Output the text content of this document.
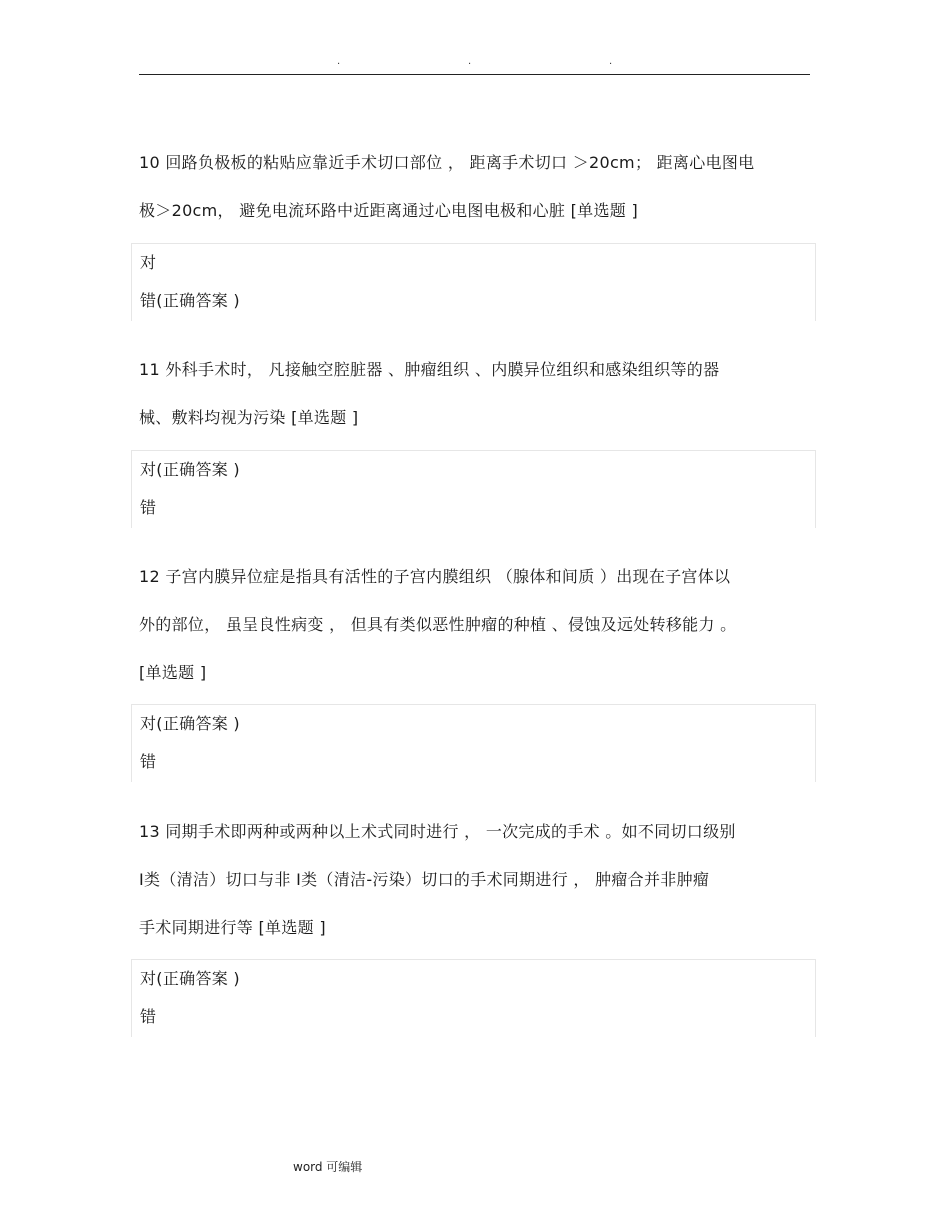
.	.	.
10 回路负极板的粘贴应靠近手术切口部位 ， 距离手术切口 ＞20cm； 距离心电图电
极＞20cm， 避免电流环路中近距离通过心电图电极和心脏 [单选题 ]
对
错(正确答案 )
11 外科手术时， 凡接触空腔脏器 、肿瘤组织 、内膜异位组织和感染组织等的器
械、敷料均视为污染 [单选题 ]
对(正确答案 )
错
12 子宫内膜异位症是指具有活性的子宫内膜组织 （腺体和间质 ）出现在子宫体以
外的部位， 虽呈良性病变 ， 但具有类似恶性肿瘤的种植 、侵蚀及远处转移能力 。
[单选题 ]
对(正确答案 )
错
13 同期手术即两种或两种以上术式同时进行 ， 一次完成的手术 。如不同切口级别
Ⅰ类（清洁）切口与非 Ⅰ类（清洁-污染）切口的手术同期进行 ， 肿瘤合并非肿瘤
手术同期进行等 [单选题 ]
对(正确答案 )
错
word 可编辑
